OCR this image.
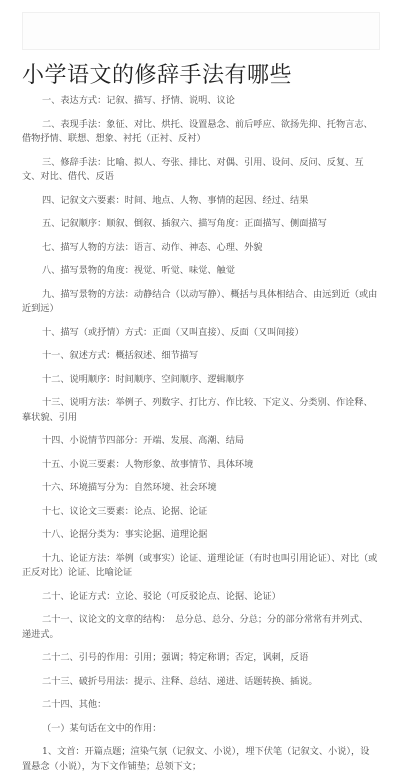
小学语文的修辞手法有哪些
一、表达方式：记叙、描写、抒情、说明、议论
二、表现手法：象征、对比、烘托、设置悬念、前后呼应、欲扬先抑、托物言志、借物抒情、联想、想象、衬托（正衬、反衬）
三、修辞手法：比喻、拟人、夸张、排比、对偶、引用、设问、反问、反复、互文、对比、借代、反语
四、记叙文六要素：时间、地点、人物、事情的起因、经过、结果
五、记叙顺序：顺叙、倒叙、插叙六、描写角度：正面描写、侧面描写
七、描写人物的方法：语言、动作、神态、心理、外貌
八、描写景物的角度：视觉、听觉、味觉、触觉
九、描写景物的方法：动静结合（以动写静）、概括与具体相结合、由远到近（或由近到远）
十、描写（或抒情）方式：正面（又叫直接）、反面（又叫间接）
十一、叙述方式：概括叙述、细节描写
十二、说明顺序：时间顺序、空间顺序、逻辑顺序
十三、说明方法：举例子、列数字、打比方、作比较、下定义、分类别、作诠释、摹状貌、引用
十四、小说情节四部分：开端、发展、高潮、结局
十五、小说三要素：人物形象、故事情节、具体环境
十六、环境描写分为：自然环境、社会环境
十七、议论文三要素：论点、论据、论证
十八、论据分类为：事实论据、道理论据
十九、论证方法：举例（或事实）论证、道理论证（有时也叫引用论证）、对比（或正反对比）论证、比喻论证
二十、论证方式：立论、驳论（可反驳论点、论据、论证）
二十一、议论文的文章的结构：　总分总、总分、分总；分的部分常常有并列式、　递进式。
二十二、引号的作用：引用；强调；特定称谓；否定，讽刺，反语
二十三、破折号用法：提示、注释、总结、递进、话题转换、插说。
二十四、其他：
（一）某句话在文中的作用：
1、文首：开篇点题；渲染气氛（记叙文、小说），埋下伏笔（记叙文、小说），设置悬念（小说），为下文作铺垫；总领下文；
